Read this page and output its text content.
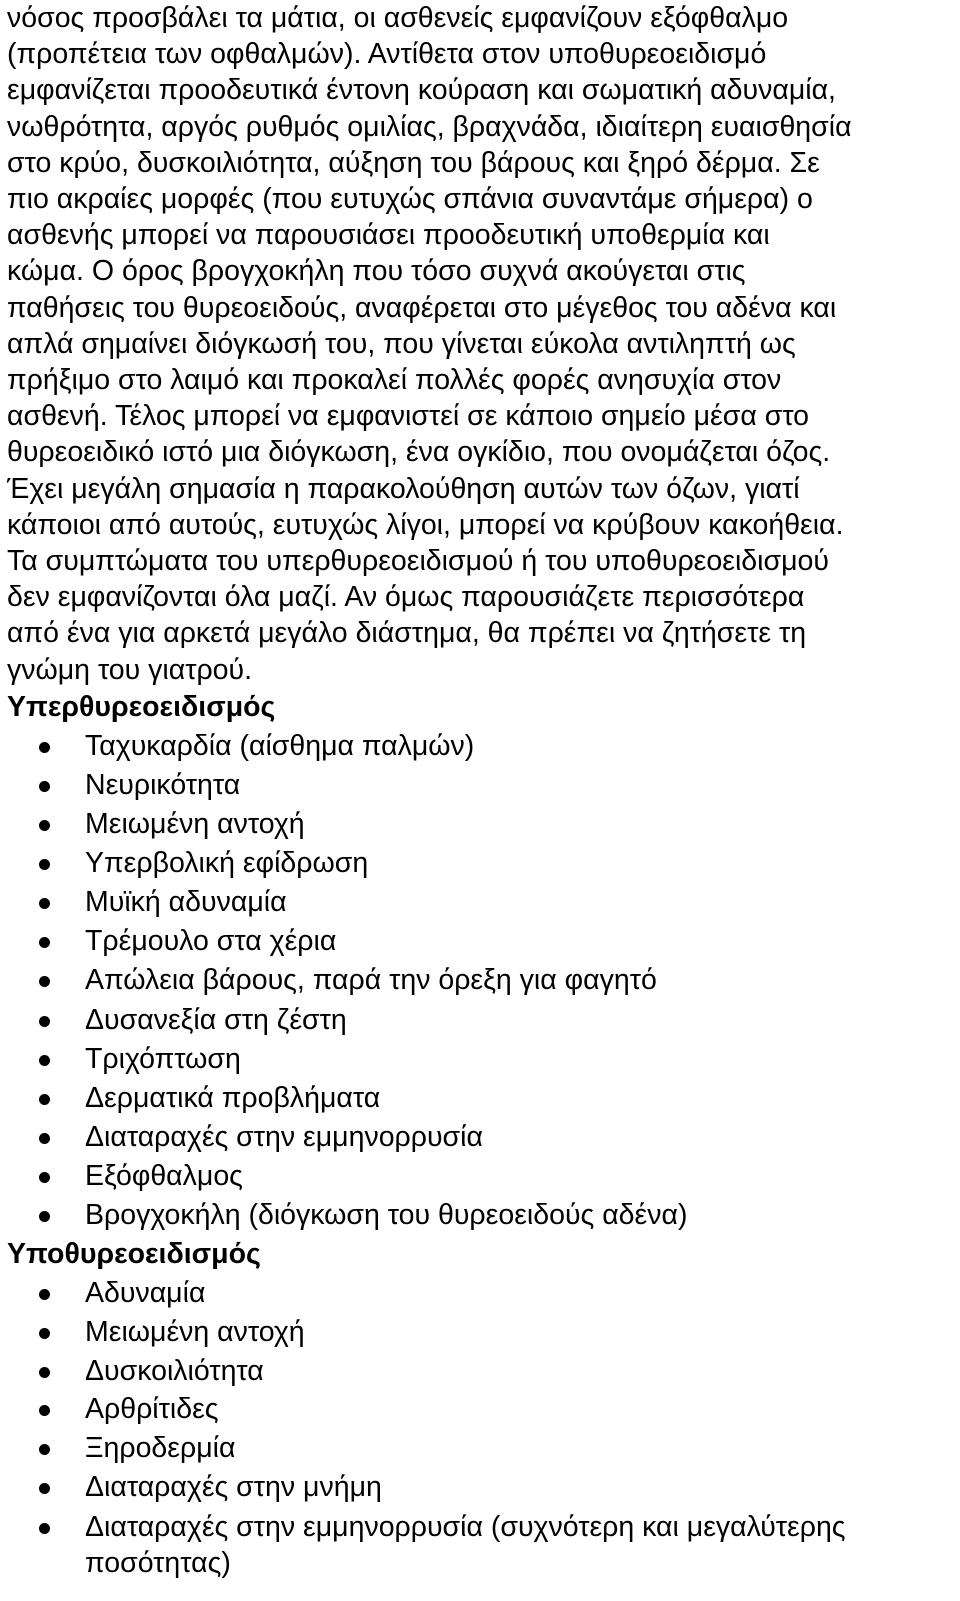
νόσος προσβάλει τα μάτια, οι ασθενείς εμφανίζουν εξόφθαλμο
(προπέτεια των οφθαλμών). Αντίθετα στον υποθυρεοειδισμό
εμφανίζεται προοδευτικά έντονη κούραση και σωματική αδυναμία,
νωθρότητα, αργός ρυθμός ομιλίας, βραχνάδα, ιδιαίτερη ευαισθησία
στο κρύο, δυσκοιλιότητα, αύξηση του βάρους και ξηρό δέρμα. Σε
πιο ακραίες μορφές (που ευτυχώς σπάνια συναντάμε σήμερα) ο
ασθενής μπορεί να παρουσιάσει προοδευτική υποθερμία και
κώμα. Ο όρος βρογχοκήλη που τόσο συχνά ακούγεται στις
παθήσεις του θυρεοειδούς, αναφέρεται στο μέγεθος του αδένα και
απλά σημαίνει διόγκωσή του, που γίνεται εύκολα αντιληπτή ως
πρήξιμο στο λαιμό και προκαλεί πολλές φορές ανησυχία στον
ασθενή. Τέλος μπορεί να εμφανιστεί σε κάποιο σημείο μέσα στο
θυρεοειδικό ιστό μια διόγκωση, ένα ογκίδιο, που ονομάζεται όζος.
Έχει μεγάλη σημασία η παρακολούθηση αυτών των όζων, γιατί
κάποιοι από αυτούς, ευτυχώς λίγοι, μπορεί να κρύβουν κακοήθεια.
Τα συμπτώματα του υπερθυρεοειδισμού ή του υποθυρεοειδισμού
δεν εμφανίζονται όλα μαζί. Αν όμως παρουσιάζετε περισσότερα
από ένα για αρκετά μεγάλο διάστημα, θα πρέπει να ζητήσετε τη
γνώμη του γιατρού.
Υπερθυρεοειδισμός
Ταχυκαρδία (αίσθημα παλμών)
Νευρικότητα
Μειωμένη αντοχή
Υπερβολική εφίδρωση
Μυϊκή αδυναμία
Τρέμουλο στα χέρια
Απώλεια βάρους, παρά την όρεξη για φαγητό
Δυσανεξία στη ζέστη
Τριχόπτωση
Δερματικά προβλήματα
Διαταραχές στην εμμηνορρυσία
Εξόφθαλμος
Βρογχοκήλη (διόγκωση του θυρεοειδούς αδένα)
Υποθυρεοειδισμός
Αδυναμία
Μειωμένη αντοχή
Δυσκοιλιότητα
Αρθρίτιδες
Ξηροδερμία
Διαταραχές στην μνήμη
Διαταραχές στην εμμηνορρυσία (συχνότερη και μεγαλύτερης
ποσότητας)
